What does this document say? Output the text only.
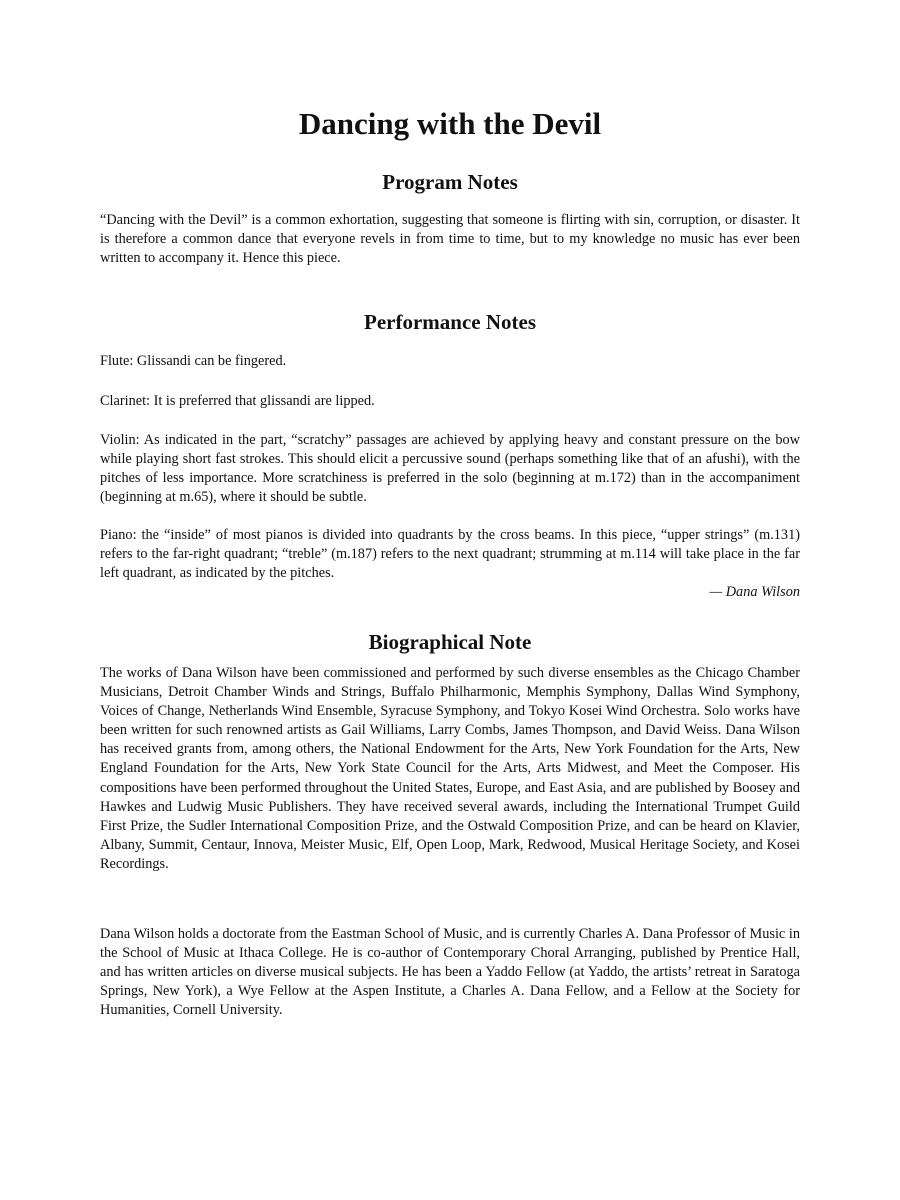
Dancing with the Devil
Program Notes

“Dancing with the Devil” is a common exhortation, suggesting that someone is flirting with sin, corruption, or disaster. It is therefore a common dance that everyone revels in from time to time, but to my knowledge no music has ever been written to accompany it. Hence this piece.

Performance Notes

Flute: Glissandi can be fingered.

Clarinet: It is preferred that glissandi are lipped.

Violin: As indicated in the part, “scratchy” passages are achieved by applying heavy and constant pressure on the bow while playing short fast strokes. This should elicit a percussive sound (perhaps something like that of an afushi), with the pitches of less importance. More scratchiness is preferred in the solo (beginning at m.172) than in the accompaniment (beginning at m.65), where it should be subtle.

Piano: the “inside” of most pianos is divided into quadrants by the cross beams. In this piece, “upper strings” (m.131) refers to the far-right quadrant; “treble” (m.187) refers to the next quadrant; strumming at m.114 will take place in the far left quadrant, as indicated by the pitches.

— Dana Wilson

Biographical Note

The works of Dana Wilson have been commissioned and performed by such diverse ensembles as the Chicago Chamber Musicians, Detroit Chamber Winds and Strings, Buffalo Philharmonic, Memphis Symphony, Dallas Wind Symphony, Voices of Change, Netherlands Wind Ensemble, Syracuse Symphony, and Tokyo Kosei Wind Orchestra. Solo works have been written for such renowned artists as Gail Williams, Larry Combs, James Thompson, and David Weiss. Dana Wilson has received grants from, among others, the National Endowment for the Arts, New York Foundation for the Arts, New England Foundation for the Arts, New York State Council for the Arts, Arts Midwest, and Meet the Composer. His compositions have been performed throughout the United States, Europe, and East Asia, and are published by Boosey and Hawkes and Ludwig Music Publishers. They have received several awards, including the International Trumpet Guild First Prize, the Sudler International Composition Prize, and the Ostwald Composition Prize, and can be heard on Klavier, Albany, Summit, Centaur, Innova, Meister Music, Elf, Open Loop, Mark, Redwood, Musical Heritage Society, and Kosei Recordings.

Dana Wilson holds a doctorate from the Eastman School of Music, and is currently Charles A. Dana Professor of Music in the School of Music at Ithaca College. He is co-author of Contemporary Choral Arranging, published by Prentice Hall, and has written articles on diverse musical subjects. He has been a Yaddo Fellow (at Yaddo, the artists’ retreat in Saratoga Springs, New York), a Wye Fellow at the Aspen Institute, a Charles A. Dana Fellow, and a Fellow at the Society for Humanities, Cornell University.
